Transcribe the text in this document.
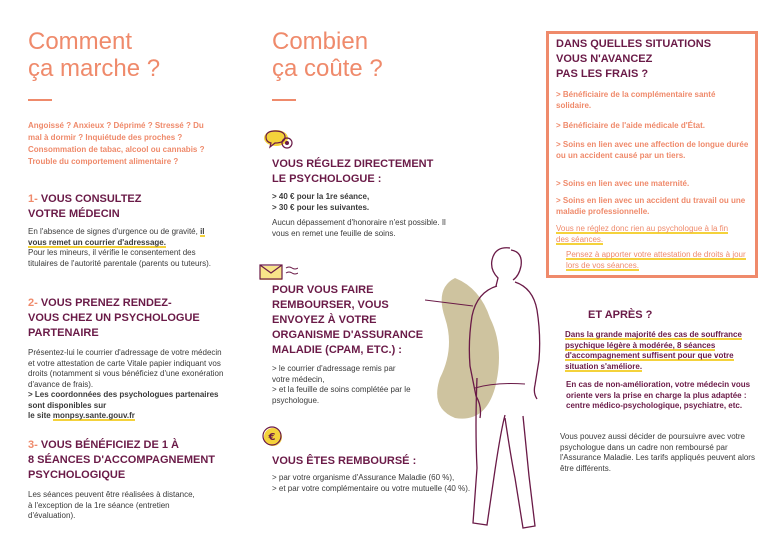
Comment
ça marche ?
Angoissé ? Anxieux ? Déprimé ? Stressé ? Du mal à dormir ? Inquiétude des proches ? Consommation de tabac, alcool ou cannabis ? Trouble du comportement alimentaire ?
1- VOUS CONSULTEZ
VOTRE MÉDECIN
En l'absence de signes d'urgence ou de gravité, il vous remet un courrier d'adressage.
Pour les mineurs, il vérifie le consentement des titulaires de l'autorité parentale (parents ou tuteurs).
2- VOUS PRENEZ RENDEZ-
VOUS CHEZ UN PSYCHOLOGUE
PARTENAIRE
Présentez-lui le courrier d'adressage de votre médecin et votre attestation de carte Vitale papier indiquant vos droits (notamment si vous bénéficiez d'une exonération d'avance de frais).
> Les coordonnées des psychologues partenaires sont disponibles sur
le site monpsy.sante.gouv.fr
3- VOUS BÉNÉFICIEZ DE 1 À
8 SÉANCES D'ACCOMPAGNEMENT
PSYCHOLOGIQUE
Les séances peuvent être réalisées à distance, à l'exception de la 1re séance (entretien d'évaluation).
Combien
ça coûte ?
VOUS RÉGLEZ DIRECTEMENT
LE PSYCHOLOGUE :
> 40 € pour la 1re séance,
> 30 € pour les suivantes.
Aucun dépassement d'honoraire n'est possible. Il vous en remet une feuille de soins.
POUR VOUS FAIRE
REMBOURSER, VOUS
ENVOYEZ À VOTRE
ORGANISME D'ASSURANCE
MALADIE (CPAM, ETC.) :
> le courrier d'adressage remis par votre médecin,
> et la feuille de soins complétée par le psychologue.
€
VOUS ÊTES REMBOURSÉ :
> par votre organisme d'Assurance Maladie (60 %),
> et par votre complémentaire ou votre mutuelle (40 %).
DANS QUELLES SITUATIONS
VOUS N'AVANCEZ
PAS LES FRAIS ?
> Bénéficiaire de la complémentaire santé solidaire.
> Bénéficiaire de l'aide médicale d'État.
> Soins en lien avec une affection de longue durée ou un accident causé par un tiers.
> Soins en lien avec une maternité.
> Soins en lien avec un accident du travail ou une maladie professionnelle.
Vous ne réglez donc rien au psychologue à la fin des séances.
Pensez à apporter votre attestation de droits à jour lors de vos séances.
ET APRÈS ?
Dans la grande majorité des cas de souffrance psychique légère à modérée, 8 séances d'accompagnement suffisent pour que votre situation s'améliore.
En cas de non-amélioration, votre médecin vous oriente vers la prise en charge la plus adaptée : centre médico-psychologique, psychiatre, etc.
Vous pouvez aussi décider de poursuivre avec votre psychologue dans un cadre non remboursé par l'Assurance Maladie. Les tarifs appliqués peuvent alors être différents.
